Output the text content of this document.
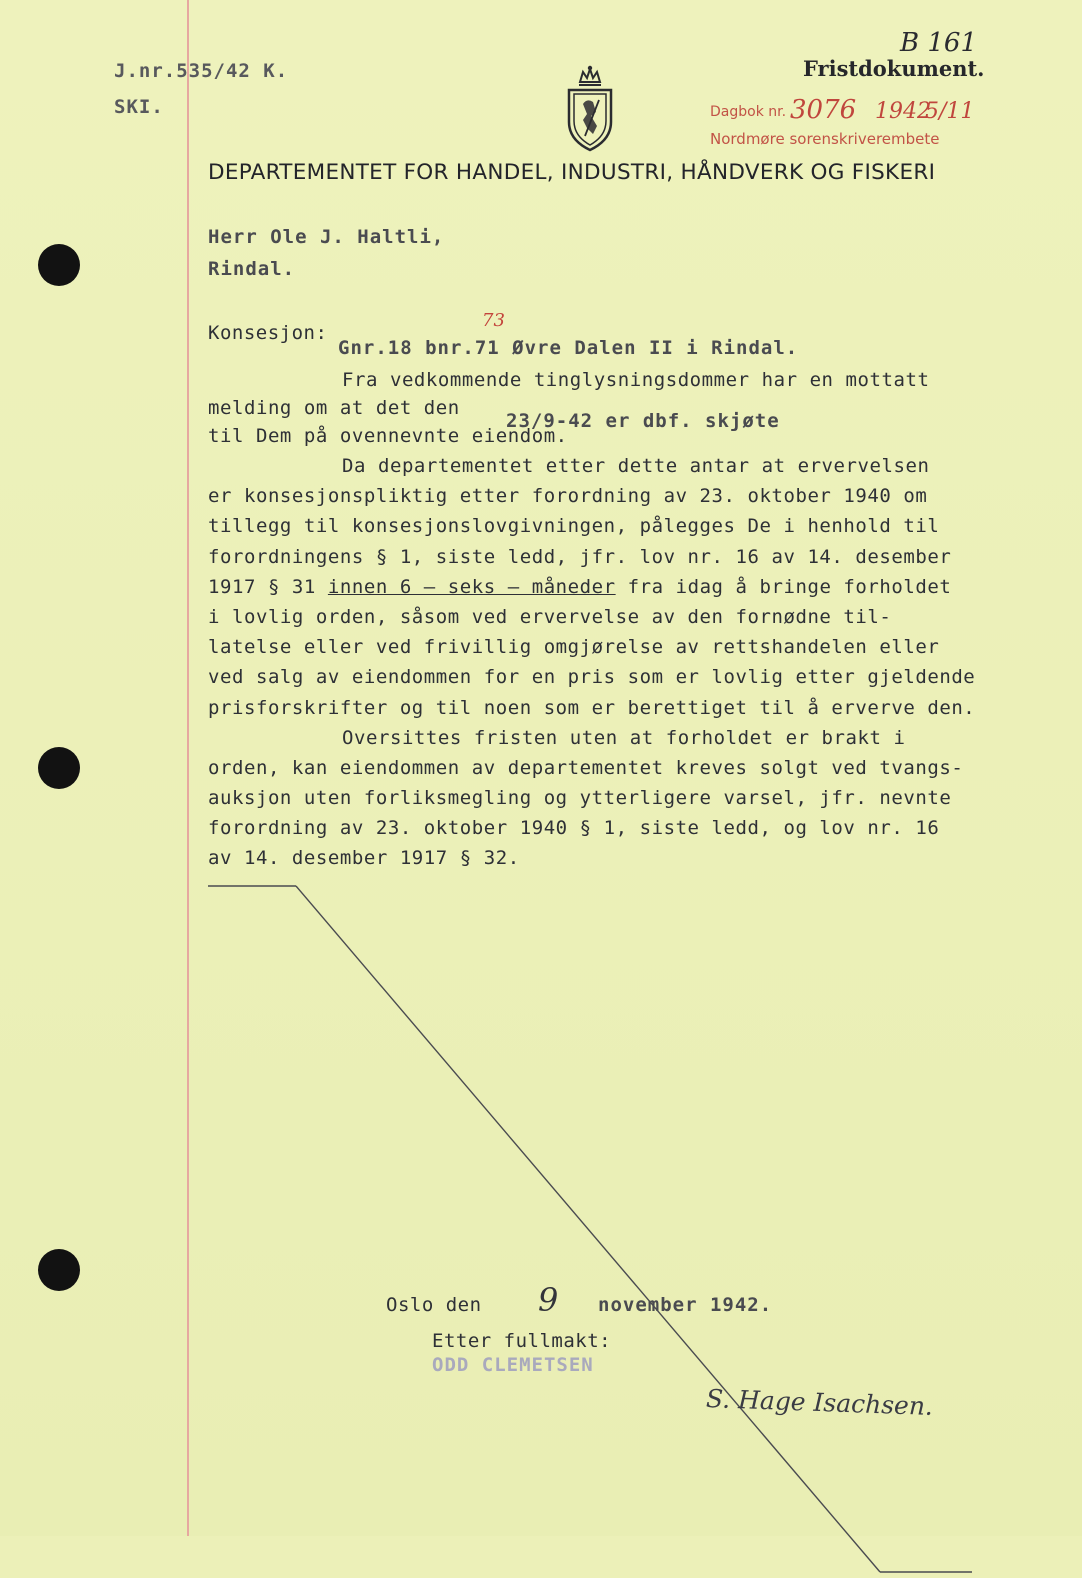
J.nr.535/42 K.
SKI.
B 161
Fristdokument.
Dagbok nr. 3076 1942
5/11
Nordmøre sorenskriverembete
DEPARTEMENTET FOR HANDEL, INDUSTRI, HÅNDVERK OG FISKERI
Herr Ole J. Haltli,
Rindal.
Konsesjon:
73
Gnr.18 bnr.71 Øvre Dalen II i Rindal.
Fra vedkommende tinglysningsdommer har en mottatt
melding om at det den
23/9-42 er dbf. skjøte
til Dem på ovennevnte eiendom.
Da departementet etter dette antar at ervervelsen
er konsesjonspliktig etter forordning av 23. oktober 1940 om
tillegg til konsesjonslovgivningen, pålegges De i henhold til
forordningens § 1, siste ledd, jfr. lov nr. 16 av 14. desember
1917 § 31 innen 6 – seks – måneder fra idag å bringe forholdet
i lovlig orden, såsom ved ervervelse av den fornødne til-
latelse eller ved frivillig omgjørelse av rettshandelen eller
ved salg av eiendommen for en pris som er lovlig etter gjeldende
prisforskrifter og til noen som er berettiget til å erverve den.
Oversittes fristen uten at forholdet er brakt i
orden, kan eiendommen av departementet kreves solgt ved tvangs-
auksjon uten forliksmegling og ytterligere varsel, jfr. nevnte
forordning av 23. oktober 1940 § 1, siste ledd, og lov nr. 16
av 14. desember 1917 § 32.
Oslo den 9 november 1942.
Etter fullmakt:
ODD CLEMETSEN
S. Hage Isachsen.
